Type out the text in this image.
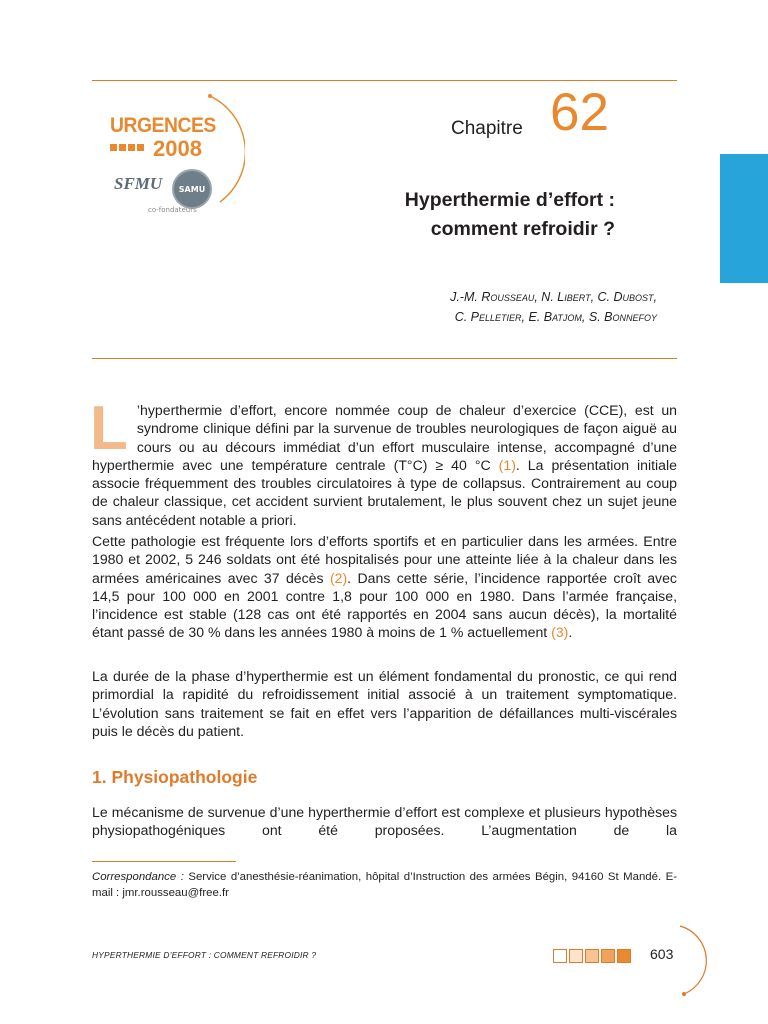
URGENCES
2008
SFMU	SAMU
co-fondateurs
Chapitre 62
Hyperthermie d’effort :
comment refroidir ?
J.-M. Rousseau, N. Libert, C. Dubost,
C. Pelletier, E. Batjom, S. Bonnefoy
L ’hyperthermie d’effort, encore nommée coup de chaleur d’exercice (CCE), est un syndrome clinique défini par la survenue de troubles neurologiques de façon aiguë au cours ou au décours immédiat d’un effort musculaire intense, accompagné d’une hyperthermie avec une température centrale (T°C) ≥ 40 °C (1). La présentation initiale associe fréquemment des troubles circulatoires à type de collapsus. Contrairement au coup de chaleur classique, cet accident survient brutalement, le plus souvent chez un sujet jeune sans antécédent notable a priori.

Cette pathologie est fréquente lors d’efforts sportifs et en particulier dans les armées. Entre 1980 et 2002, 5 246 soldats ont été hospitalisés pour une atteinte liée à la chaleur dans les armées américaines avec 37 décès (2). Dans cette série, l’incidence rapportée croît avec 14,5 pour 100 000 en 2001 contre 1,8 pour 100 000 en 1980. Dans l’armée française, l’incidence est stable (128 cas ont été rapportés en 2004 sans aucun décès), la mortalité étant passé de 30 % dans les années 1980 à moins de 1 % actuellement (3).

La durée de la phase d’hyperthermie est un élément fondamental du pronostic, ce qui rend primordial la rapidité du refroidissement initial associé à un traitement symptomatique. L’évolution sans traitement se fait en effet vers l’apparition de défaillances multi-viscérales puis le décès du patient.

1. Physiopathologie

Le mécanisme de survenue d’une hyperthermie d’effort est complexe et plusieurs hypothèses physiopathogéniques ont été proposées. L’augmentation de la

Correspondance : Service d’anesthésie-réanimation, hôpital d’Instruction des armées Bégin, 94160 St Mandé. E-mail : jmr.rousseau@free.fr
HYPERTHERMIE D’EFFORT : COMMENT REFROIDIR ?	603
